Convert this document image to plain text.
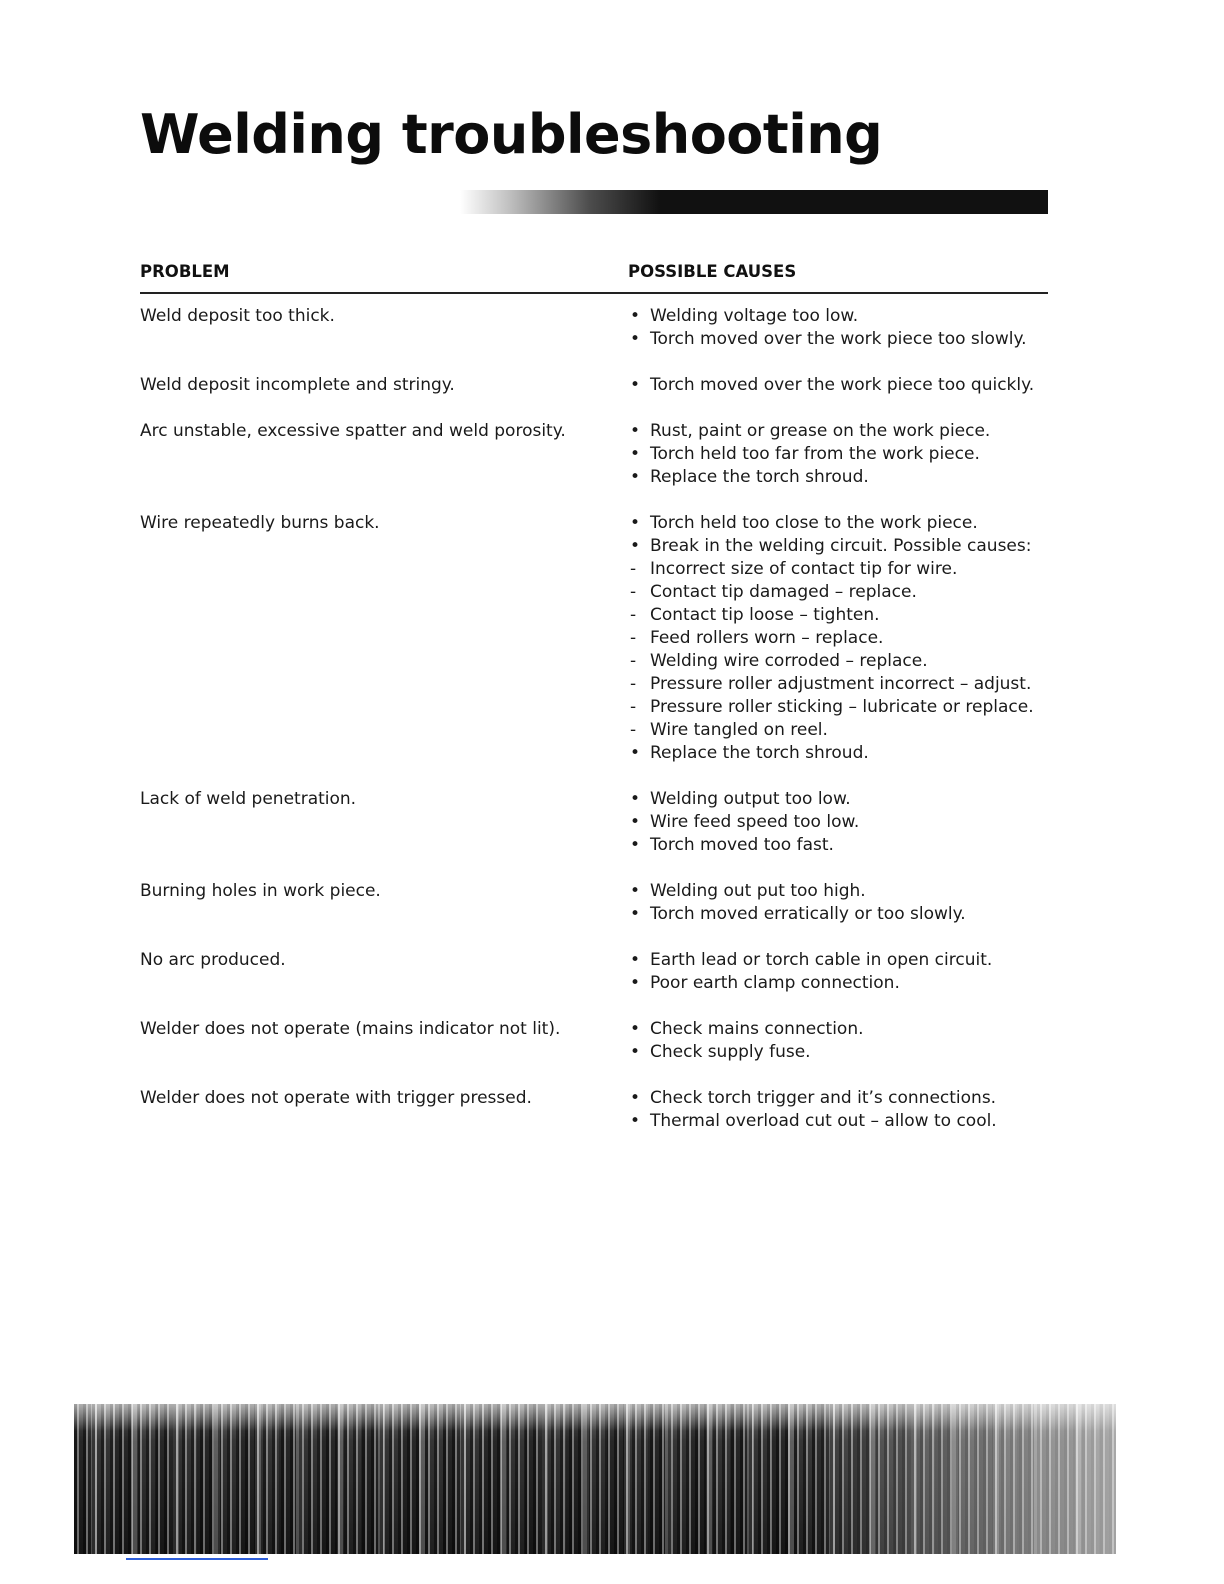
Welding troubleshooting
PROBLEM	POSSIBLE CAUSES
Weld deposit too thick.	• Welding voltage too low.
• Torch moved over the work piece too slowly.
Weld deposit incomplete and stringy.	• Torch moved over the work piece too quickly.
Arc unstable, excessive spatter and weld porosity.	• Rust, paint or grease on the work piece.
• Torch held too far from the work piece.
• Replace the torch shroud.
Wire repeatedly burns back.	• Torch held too close to the work piece.
• Break in the welding circuit. Possible causes:
- Incorrect size of contact tip for wire.
- Contact tip damaged – replace.
- Contact tip loose – tighten.
- Feed rollers worn – replace.
- Welding wire corroded – replace.
- Pressure roller adjustment incorrect – adjust.
- Pressure roller sticking – lubricate or replace.
- Wire tangled on reel.
• Replace the torch shroud.
Lack of weld penetration.	• Welding output too low.
• Wire feed speed too low.
• Torch moved too fast.
Burning holes in work piece.	• Welding out put too high.
• Torch moved erratically or too slowly.
No arc produced.	• Earth lead or torch cable in open circuit.
• Poor earth clamp connection.
Welder does not operate (mains indicator not lit).	• Check mains connection.
• Check supply fuse.
Welder does not operate with trigger pressed.	• Check torch trigger and it’s connections.
• Thermal overload cut out – allow to cool.
